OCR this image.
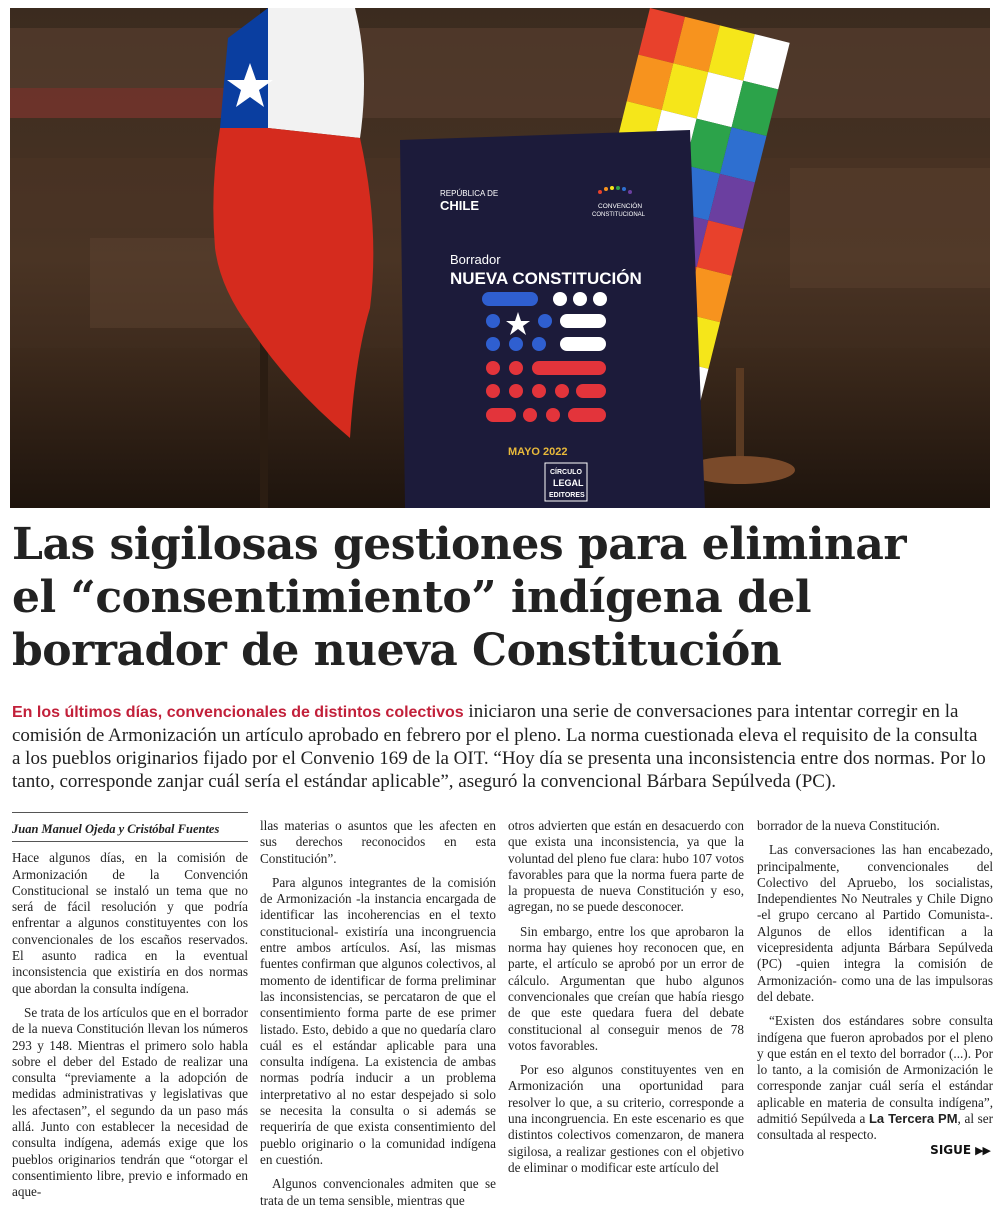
REPÚBLICA DE
CHILE	CONVENCIÓN
CONSTITUCIONAL
Borrador
NUEVA CONSTITUCIÓN
MAYO 2022
CÍRCULO
LEGAL
EDITORES
Las sigilosas gestiones para eliminar
el “consentimiento” indígena del
borrador de nueva Constitución

En los últimos días, convencionales de distintos colectivos iniciaron una serie de conversaciones para intentar corregir en la comisión de Armonización un artículo aprobado en febrero por el pleno. La norma cuestionada eleva el requisito de la consulta a los pueblos originarios fijado por el Convenio 169 de la OIT. “Hoy día se presenta una inconsistencia entre dos normas. Por lo tanto, corresponde zanjar cuál sería el estándar aplicable”, aseguró la convencional Bárbara Sepúlveda (PC).

Juan Manuel Ojeda y Cristóbal Fuentes

Hace algunos días, en la comisión de Armonización de la Convención Constitucional se instaló un tema que no será de fácil resolución y que podría enfrentar a algunos constituyentes con los convencionales de los escaños reservados. El asunto radica en la eventual inconsistencia que existiría en dos normas que abordan la consulta indígena.

Se trata de los artículos que en el borrador de la nueva Constitución llevan los números 293 y 148. Mientras el primero solo habla sobre el deber del Estado de realizar una consulta “previamente a la adopción de medidas administrativas y legislativas que les afectasen”, el segundo da un paso más allá. Junto con establecer la necesidad de consulta indígena, además exige que los pueblos originarios tendrán que “otorgar el consentimiento libre, previo e informado en aque-

llas materias o asuntos que les afecten en sus derechos reconocidos en esta Constitución”.

Para algunos integrantes de la comisión de Armonización -la instancia encargada de identificar las incoherencias en el texto constitucional- existiría una incongruencia entre ambos artículos. Así, las mismas fuentes confirman que algunos colectivos, al momento de identificar de forma preliminar las inconsistencias, se percataron de que el consentimiento forma parte de ese primer listado. Esto, debido a que no quedaría claro cuál es el estándar aplicable para una consulta indígena. La existencia de ambas normas podría inducir a un problema interpretativo al no estar despejado si solo se necesita la consulta o si además se requeriría de que exista consentimiento del pueblo originario o la comunidad indígena en cuestión.

Algunos convencionales admiten que se trata de un tema sensible, mientras que

otros advierten que están en desacuerdo con que exista una inconsistencia, ya que la voluntad del pleno fue clara: hubo 107 votos favorables para que la norma fuera parte de la propuesta de nueva Constitución y eso, agregan, no se puede desconocer.

Sin embargo, entre los que aprobaron la norma hay quienes hoy reconocen que, en parte, el artículo se aprobó por un error de cálculo. Argumentan que hubo algunos convencionales que creían que había riesgo de que este quedara fuera del debate constitucional al conseguir menos de 78 votos favorables.

Por eso algunos constituyentes ven en Armonización una oportunidad para resolver lo que, a su criterio, corresponde a una incongruencia. En este escenario es que distintos colectivos comenzaron, de manera sigilosa, a realizar gestiones con el objetivo de eliminar o modificar este artículo del

borrador de la nueva Constitución.

Las conversaciones las han encabezado, principalmente, convencionales del Colectivo del Apruebo, los socialistas, Independientes No Neutrales y Chile Digno -el grupo cercano al Partido Comunista-. Algunos de ellos identifican a la vicepresidenta adjunta Bárbara Sepúlveda (PC) -quien integra la comisión de Armonización- como una de las impulsoras del debate.

“Existen dos estándares sobre consulta indígena que fueron aprobados por el pleno y que están en el texto del borrador (...). Por lo tanto, a la comisión de Armonización le corresponde zanjar cuál sería el estándar aplicable en materia de consulta indígena”, admitió Sepúlveda a La Tercera PM, al ser consultada al respecto.

SIGUE ▶▶
